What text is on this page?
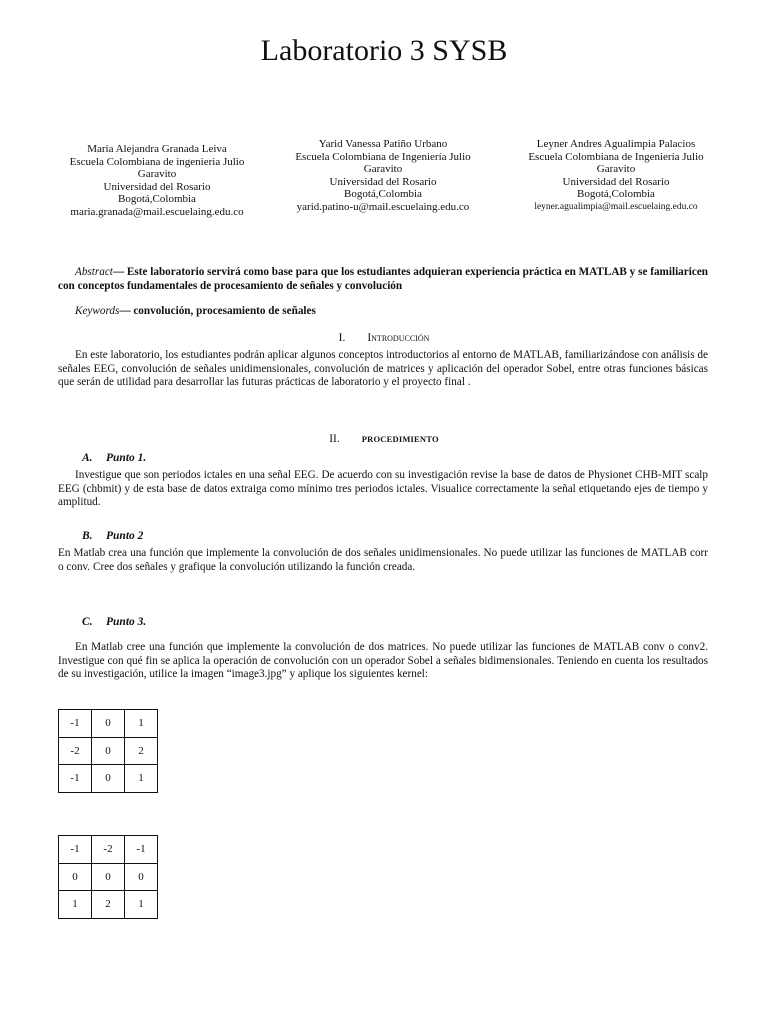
Laboratorio 3 SYSB
Maria Alejandra Granada Leiva
Escuela Colombiana de ingenieria Julio
Garavito
Universidad del Rosario
Bogotá,Colombia
maria.granada@mail.escuelaing.edu.co
Yarid Vanessa Patiño Urbano
Escuela Colombiana de Ingeniería Julio
Garavito
Universidad del Rosario
Bogotá,Colombia
yarid.patino-u@mail.escuelaing.edu.co
Leyner Andres Agualimpia Palacios
Escuela Colombiana de Ingeniería Julio
Garavito
Universidad del Rosario
Bogotá,Colombia
leyner.agualimpia@mail.escuelaing.edu.co
Abstract— Este laboratorio servirá como base para que los estudiantes adquieran experiencia práctica en MATLAB y se familiaricen con conceptos fundamentales de procesamiento de señales y convolución
Keywords— convolución, procesamiento de señales
I. Introducción
En este laboratorio, los estudiantes podrán aplicar algunos conceptos introductorios al entorno de MATLAB, familiarizándose con análisis de señales EEG, convolución de señales unidimensionales, convolución de matrices y aplicación del operador Sobel, entre otras funciones básicas que serán de utilidad para desarrollar las futuras prácticas de laboratorio y el proyecto final .
II.	PROCEDIMIENTO
A. Punto 1.
Investigue que son periodos ictales en una señal EEG. De acuerdo con su investigación revise la base de datos de Physionet CHB-MIT scalp EEG (chbmit) y de esta base de datos extraiga como mínimo tres periodos ictales. Visualice correctamente la señal etiquetando ejes de tiempo y amplitud.
B. Punto 2
En Matlab crea una función que implemente la convolución de dos señales unidimensionales. No puede utilizar las funciones de MATLAB corr o conv. Cree dos señales y grafique la convolución utilizando la función creada.
C. Punto 3.
En Matlab cree una función que implemente la convolución de dos matrices. No puede utilizar las funciones de MATLAB conv o conv2. Investigue con qué fin se aplica la operación de convolución con un operador Sobel a señales bidimensionales. Teniendo en cuenta los resultados de su investigación, utilice la imagen “image3.jpg” y aplique los siguientes kernel:
-1	0	1
-2	0	2
-1	0	1
-1	-2	-1
0	0	0
1	2	1
